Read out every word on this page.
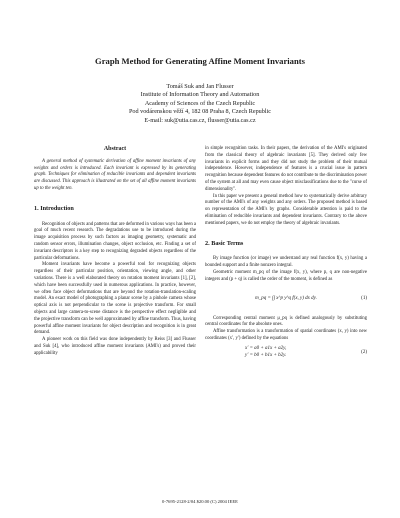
Graph Method for Generating Affine Moment Invariants
Tomáš Suk and Jan Flusser
Institute of Information Theory and Automation
Academy of Sciences of the Czech Republic
Pod vodárenskou věží 4, 182 08 Praha 8, Czech Republic
E-mail: suk@utia.cas.cz, flusser@utia.cas.cz
Abstract

A general method of systematic derivation of affine moment invariants of any weights and orders is introduced. Each invariant is expressed by its generating graph. Techniques for elimination of reducible invariants and dependent invariants are discussed. This approach is illustrated on the set of all affine moment invariants up to the weight ten.

1. Introduction

Recognition of objects and patterns that are deformed in various ways has been a goal of much recent research. The degradations use to be introduced during the image acquisition process by such factors as imaging geometry, systematic and random sensor errors, illumination changes, object occlusion, etc. Finding a set of invariant descriptors is a key step to recognizing degraded objects regardless of the particular deformations.

Moment invariants have become a powerful tool for recognizing objects regardless of their particular position, orientation, viewing angle, and other variations. There is a well elaborated theory on rotation moment invariants [1], [2], which have been successfully used in numerous applications. In practice, however, we often face object deformations that are beyond the rotation-translation-scaling model. An exact model of photographing a planar scene by a pinhole camera whose optical axis is not perpendicular to the scene is projective transform. For small objects and large camera-to-scene distance is the perspective effect negligible and the projective transform can be well approximated by affine transform. Thus, having powerful affine moment invariants for object description and recognition is in great demand.

A pioneer work on this field was done independently by Reiss [3] and Flusser and Suk [4], who introduced affine moment invariants (AMI's) and proved their applicability

in simple recognition tasks. In their papers, the derivation of the AMI's originated from the classical theory of algebraic invariants [5]. They derived only few invariants in explicit forms and they did not study the problem of their mutual independence. However, independence of features is a crucial issue in pattern recognition because dependent features do not contribute to the discrimination power of the system at all and may even cause object misclassifications due to the "curse of dimensionality".

In this paper we present a general method how to systematically derive arbitrary number of the AMI's of any weights and any orders. The proposed method is based on representation of the AMI's by graphs. Considerable attention is paid to the elimination of reducible invariants and dependent invariants. Contrary to the above mentioned papers, we do not employ the theory of algebraic invariants.

2. Basic Terms

By image function (or image) we understand any real function f(x, y) having a bounded support and a finite nonzero integral.

Geometric moment m_pq of the image f(x, y), where p, q are non-negative integers and (p + q) is called the order of the moment, is defined as

m_pq = ∫∫ x^p y^q f(x, y) dx dy.	(1)

Corresponding central moment μ_pq is defined analogously by substituting central coordinates for the absolute ones.

Affine transformation is a transformation of spatial coordinates (x, y) into new coordinates (x′, y′) defined by the equations

x′ = a0 + a1x + a2y,
y′ = b0 + b1x + b2y.
(2)
0-7695-2128-2/04 $20.00 (C) 2004 IEEE
